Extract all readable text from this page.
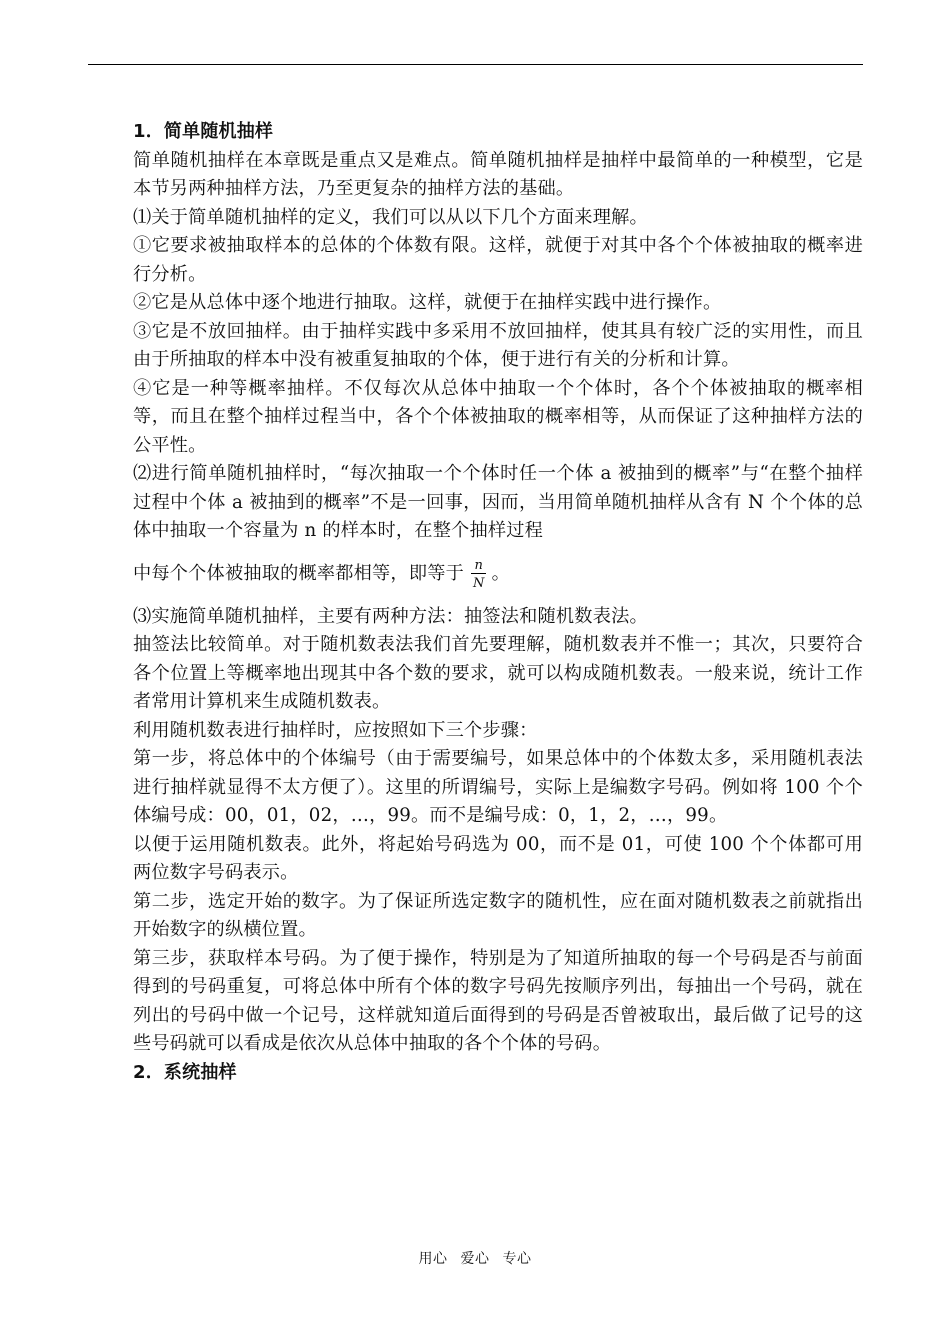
1．简单随机抽样

简单随机抽样在本章既是重点又是难点。简单随机抽样是抽样中最简单的一种模型，它是本节另两种抽样方法，乃至更复杂的抽样方法的基础。

⑴关于简单随机抽样的定义，我们可以从以下几个方面来理解。

①它要求被抽取样本的总体的个体数有限。这样，就便于对其中各个个体被抽取的概率进行分析。

②它是从总体中逐个地进行抽取。这样，就便于在抽样实践中进行操作。

③它是不放回抽样。由于抽样实践中多采用不放回抽样，使其具有较广泛的实用性，而且由于所抽取的样本中没有被重复抽取的个体，便于进行有关的分析和计算。

④它是一种等概率抽样。不仅每次从总体中抽取一个个体时，各个个体被抽取的概率相等，而且在整个抽样过程当中，各个个体被抽取的概率相等，从而保证了这种抽样方法的公平性。

⑵进行简单随机抽样时，“每次抽取一个个体时任一个体 a 被抽到的概率”与“在整个抽样过程中个体 a 被抽到的概率”不是一回事，因而，当用简单随机抽样从含有 N 个个体的总体中抽取一个容量为 n 的样本时，在整个抽样过程

中每个个体被抽取的概率都相等，即等于 $\frac{n}{N}$ 。

⑶实施简单随机抽样，主要有两种方法：抽签法和随机数表法。

抽签法比较简单。对于随机数表法我们首先要理解，随机数表并不惟一；其次，只要符合各个位置上等概率地出现其中各个数的要求，就可以构成随机数表。一般来说，统计工作者常用计算机来生成随机数表。

利用随机数表进行抽样时，应按照如下三个步骤：

第一步，将总体中的个体编号（由于需要编号，如果总体中的个体数太多，采用随机表法进行抽样就显得不太方便了）。这里的所谓编号，实际上是编数字号码。例如将 100 个个体编号成：00，01，02，…，99。而不是编号成：0，1，2，…，99。

以便于运用随机数表。此外，将起始号码选为 00，而不是 01，可使 100 个个体都可用两位数字号码表示。

第二步，选定开始的数字。为了保证所选定数字的随机性，应在面对随机数表之前就指出开始数字的纵横位置。

第三步，获取样本号码。为了便于操作，特别是为了知道所抽取的每一个号码是否与前面得到的号码重复，可将总体中所有个体的数字号码先按顺序列出，每抽出一个号码，就在列出的号码中做一个记号，这样就知道后面得到的号码是否曾被取出，最后做了记号的这些号码就可以看成是依次从总体中抽取的各个个体的号码。

2．系统抽样

用心 爱心 专心
